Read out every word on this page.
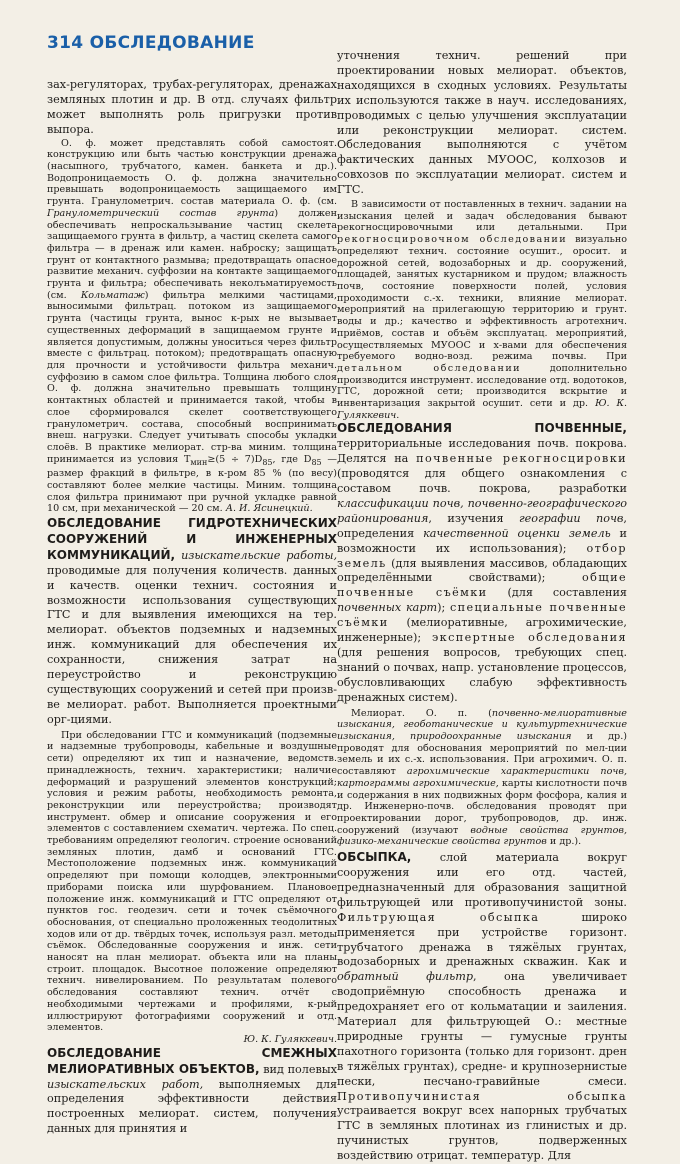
314 ОБСЛЕДОВАНИЕ

зах-регуляторах, трубах-регуляторах, дренажах земляных плотин и др. В отд. случаях фильтр может выполнять роль пригрузки против выпора.

О. ф. может представлять собой самостоят. конструкцию или быть частью конструкции дренажа (насыпного, трубчатого, камен. банкета и др.). Водопроницаемость О. ф. должна значительно превышать водопроницаемость защищаемого им грунта. Гранулометрич. состав материала О. ф. (см. Гранулометрический состав грунта) должен обеспечивать непроскальзывание частиц скелета защищаемого грунта в фильтр, а частиц скелета самого фильтра — в дренаж или камен. наброску; защищать грунт от контактного размыва; предотвращать опасное развитие механич. суффозии на контакте защищаемого грунта и фильтра; обеспечивать неколъматируемость (см. Кольматаж) фильтра мелкими частицами, выносимыми фильтрац. потоком из защищаемого грунта (частицы грунта, вынос к-рых не вызывает существенных деформаций в защищаемом грунте и является допустимым, должны уноситься через фильтр вместе с фильтрац. потоком); предотвращать опасную для прочности и устойчивости фильтра механич. суффозию в самом слое фильтра. Толщина любого слоя О. ф. должна значительно превышать толщину контактных областей и принимается такой, чтобы в слое сформировался скелет соответствующего гранулометрич. состава, способный воспринимать внеш. нагрузки. Следует учитывать способы укладки слоёв. В практике мелиорат. стр-ва миним. толщина принимается из условия $T_{мин}\ge(5 \div 7)D_{85}$, где $D_{85}$ — размер фракций в фильтре, в к-ром 85 % (по весу) составляют более мелкие частицы. Миним. толщина слоя фильтра принимают при ручной укладке равной 10 см, при механической — 20 см. А. И. Ясинецкий.

ОБСЛЕДОВАНИЕ ГИДРОТЕХНИЧЕСКИХ СООРУЖЕНИЙ И ИНЖЕНЕРНЫХ КОММУНИКАЦИЙ, изыскательские работы, проводимые для получения количеств. данных и качеств. оценки технич. состояния и возможности использования существующих ГТС и для выявления имеющихся на тер. мелиорат. объектов подземных и надземных инж. коммуникаций для обеспечения их сохранности, снижения затрат на переустройство и реконструкцию существующих сооружений и сетей при произв-ве мелиорат. работ. Выполняется проектными орг-циями.

При обследовании ГТС и коммуникаций (подземные и надземные трубопроводы, кабельные и воздушные сети) определяют их тип и назначение, ведомств. принадлежность, технич. характеристики; наличие деформаций и разрушений элементов конструкций; условия и режим работы, необходимость ремонта, реконструкции или переустройства; производят инструмент. обмер и описание сооружения и его элементов с составлением схематич. чертежа. По спец. требованиям определяют геологич. строение оснований земляных плотин, дамб и оснований ГТС. Местоположение подземных инж. коммуникаций определяют при помощи колодцев, электронными приборами поиска или шурфованием. Плановое положение инж. коммуникаций и ГТС определяют от пунктов гос. геодезич. сети и точек съёмочного обоснования, от специально проложенных теодолитных ходов или от др. твёрдых точек, используя разл. методы съёмок. Обследованные сооружения и инж. сети наносят на план мелиорат. объекта или на планы строит. площадок. Высотное положение определяют технич. нивелированием. По результатам полевого обследования составляют технич. отчёт с необходимыми чертежами и профилями, к-рый иллюстрируют фотографиями сооружений и отд. элементов.

Ю. К. Гуляккевич.

ОБСЛЕДОВАНИЕ СМЕЖНЫХ МЕЛИОРАТИВНЫХ ОБЪЕКТОВ, вид полевых изыскательских работ, выполняемых для определения эффективности действия построенных мелиорат. систем, получения данных для принятия и

уточнения технич. решений при проектировании новых мелиорат. объектов, находящихся в сходных условиях. Результаты их используются также в науч. исследованиях, проводимых с целью улучшения эксплуатации или реконструкции мелиорат. систем. Обследования выполняются с учётом фактических данных МУООС, колхозов и совхозов по эксплуатации мелиорат. систем и ГТС.

В зависимости от поставленных в технич. задании на изыскания целей и задач обследования бывают рекогносцировочными или детальными. При рекогносцировочном обследовании визуально определяют технич. состояние осушит., оросит. и дорожной сетей, водозаборных и др. сооружений, площадей, занятых кустарником и прудом; влажность почв, состояние поверхности полей, условия проходимости с.-х. техники, влияние мелиорат. мероприятий на прилегающую территорию и грунт. воды и др.; качество и эффективность агротехнич. приёмов, состав и объём эксплуатац. мероприятий, осуществляемых МУООС и х-вами для обеспечения требуемого водно-возд. режима почвы. При детальном обследовании дополнительно производится инструмент. исследование отд. водотоков, ГТС, дорожной сети; производится вскрытие и инвентаризация закрытой осушит. сети и др. Ю. К. Гуляккевич.

ОБСЛЕДОВАНИЯ ПОЧВЕННЫЕ, территориальные исследования почв. покрова. Делятся на почвенные рекогносцировки (проводятся для общего ознакомления с составом почв. покрова, разработки классификации почв, почвенно-географического районирования, изучения географии почв, определения качественной оценки земель и возможности их использования); отбор земель (для выявления массивов, обладающих определёнными свойствами); общие почвенные съёмки (для составления почвенных карт); специальные почвенные съёмки (мелиоративные, агрохимические, инженерные); экспертные обследования (для решения вопросов, требующих спец. знаний о почвах, напр. установление процессов, обусловливающих слабую эффективность дренажных систем).

Мелиорат. О. п. (почвенно-мелиоративные изыскания, геоботанические и культуртехнические изыскания, природоохранные изыскания и др.) проводят для обоснования мероприятий по мел-ции земель и их с.-х. использования. При агрохимич. О. п. составляют агрохимические характеристики почв, картограммы агрохимические, карты кислотности почв и содержания в них подвижных форм фосфора, калия и др. Инженерно-почв. обследования проводят при проектировании дорог, трубопроводов, др. инж. сооружений (изучают водные свойства грунтов, физико-механические свойства грунтов и др.).

ОБСЫПКА, слой материала вокруг сооружения или его отд. частей, предназначенный для образования защитной фильтрующей или противопучинистой зоны. Фильтрующая обсыпка широко применяется при устройстве горизонт. трубчатого дренажа в тяжёлых грунтах, водозаборных и дренажных скважин. Как и обратный фильтр, она увеличивает водоприёмную способность дренажа и предохраняет его от кольматации и заиления. Материал для фильтрующей О.: местные природные грунты — гумусные грунты пахотного горизонта (только для горизонт. дрен в тяжёлых грунтах), средне- и крупнозернистые пески, песчано-гравийные смеси. Противопучинистая обсыпка устраивается вокруг всех напорных трубчатых ГТС в земляных плотинах из глинистых и др. пучинистых грунтов, подверженных воздействию отрицат. температур. Для
